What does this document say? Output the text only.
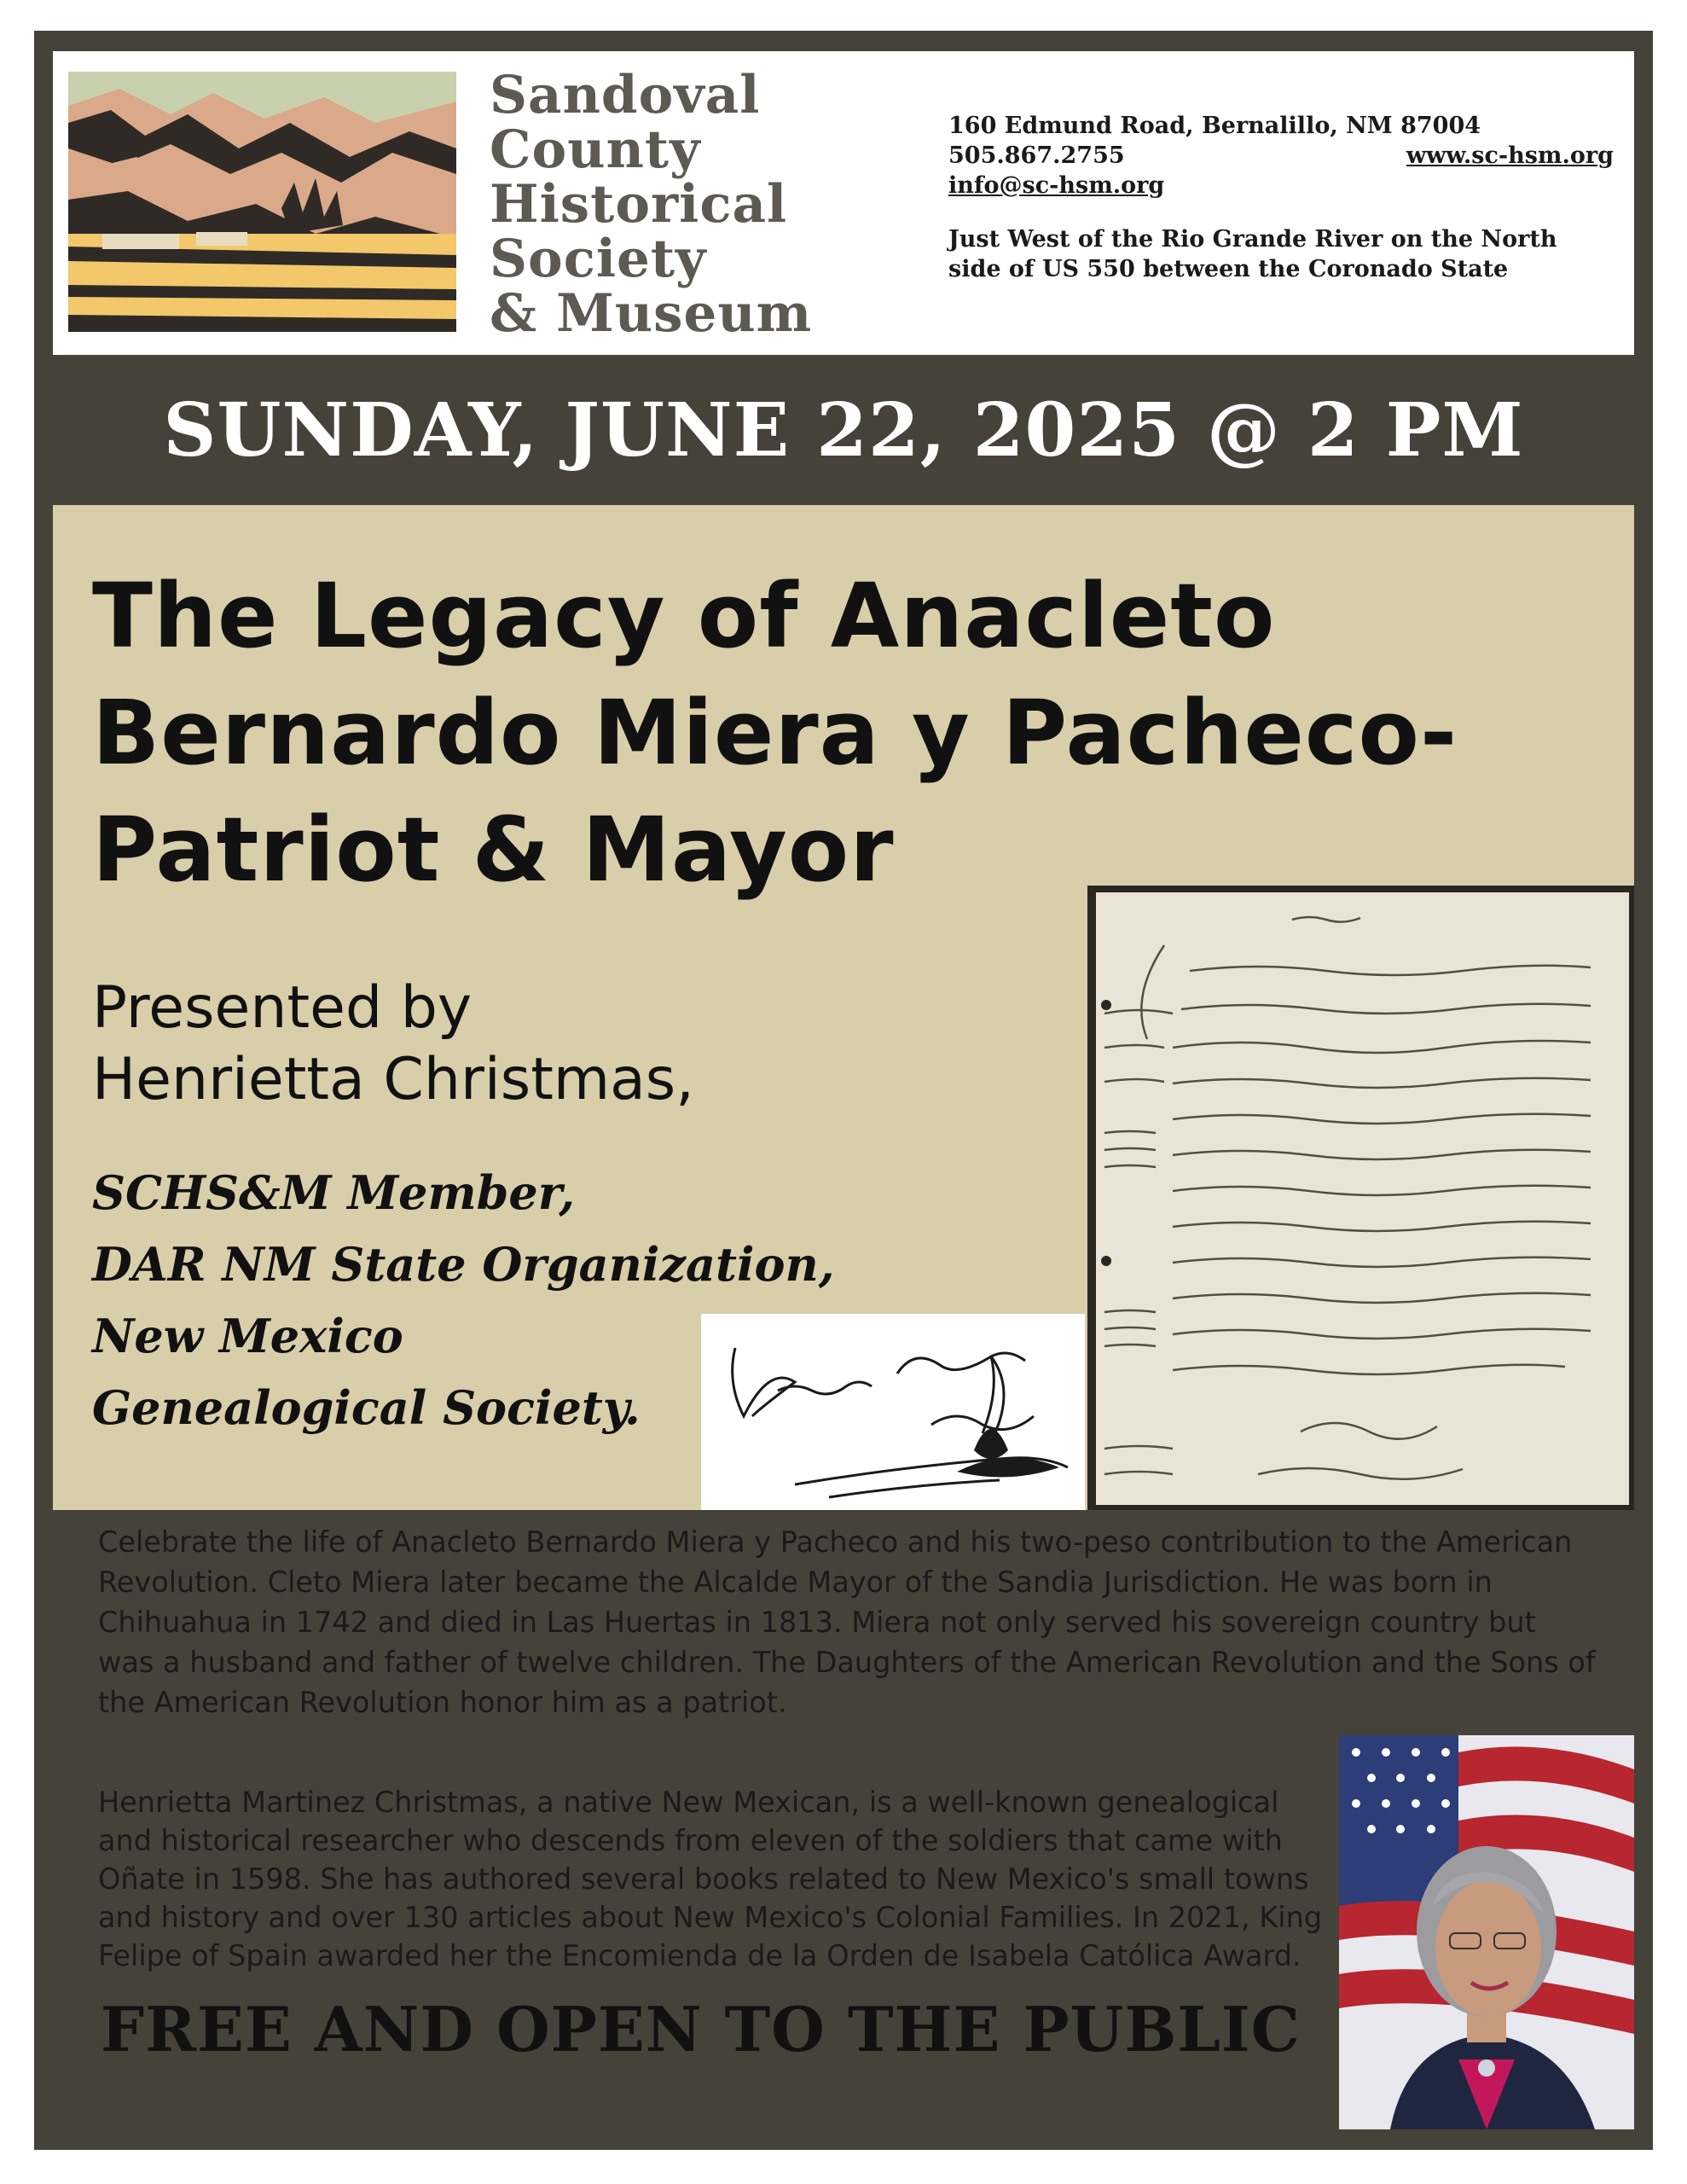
Sandoval
County
Historical
Society
& Museum
160 Edmund Road, Bernalillo, NM 87004
505.867.2755	www.sc-hsm.org
info@sc-hsm.org
Just West of the Rio Grande River on the North
side of US 550 between the Coronado State
SUNDAY, JUNE 22, 2025 @ 2 PM
The Legacy of Anacleto
Bernardo Miera y Pacheco-
Patriot & Mayor
Presented by
Henrietta Christmas,
SCHS&M Member,
DAR NM State Organization,
New Mexico
Genealogical Society.
Celebrate the life of Anacleto Bernardo Miera y Pacheco and his two-peso contribution to the American Revolution. Cleto Miera later became the Alcalde Mayor of the Sandia Jurisdiction. He was born in Chihuahua in 1742 and died in Las Huertas in 1813. Miera not only served his sovereign country but was a husband and father of twelve children. The Daughters of the American Revolution and the Sons of the American Revolution honor him as a patriot.
Henrietta Martinez Christmas, a native New Mexican, is a well-known genealogical and historical researcher who descends from eleven of the soldiers that came with Oñate in 1598. She has authored several books related to New Mexico's small towns and history and over 130 articles about New Mexico's Colonial Families. In 2021, King Felipe of Spain awarded her the Encomienda de la Orden de Isabela Católica Award.
FREE AND OPEN TO THE PUBLIC
